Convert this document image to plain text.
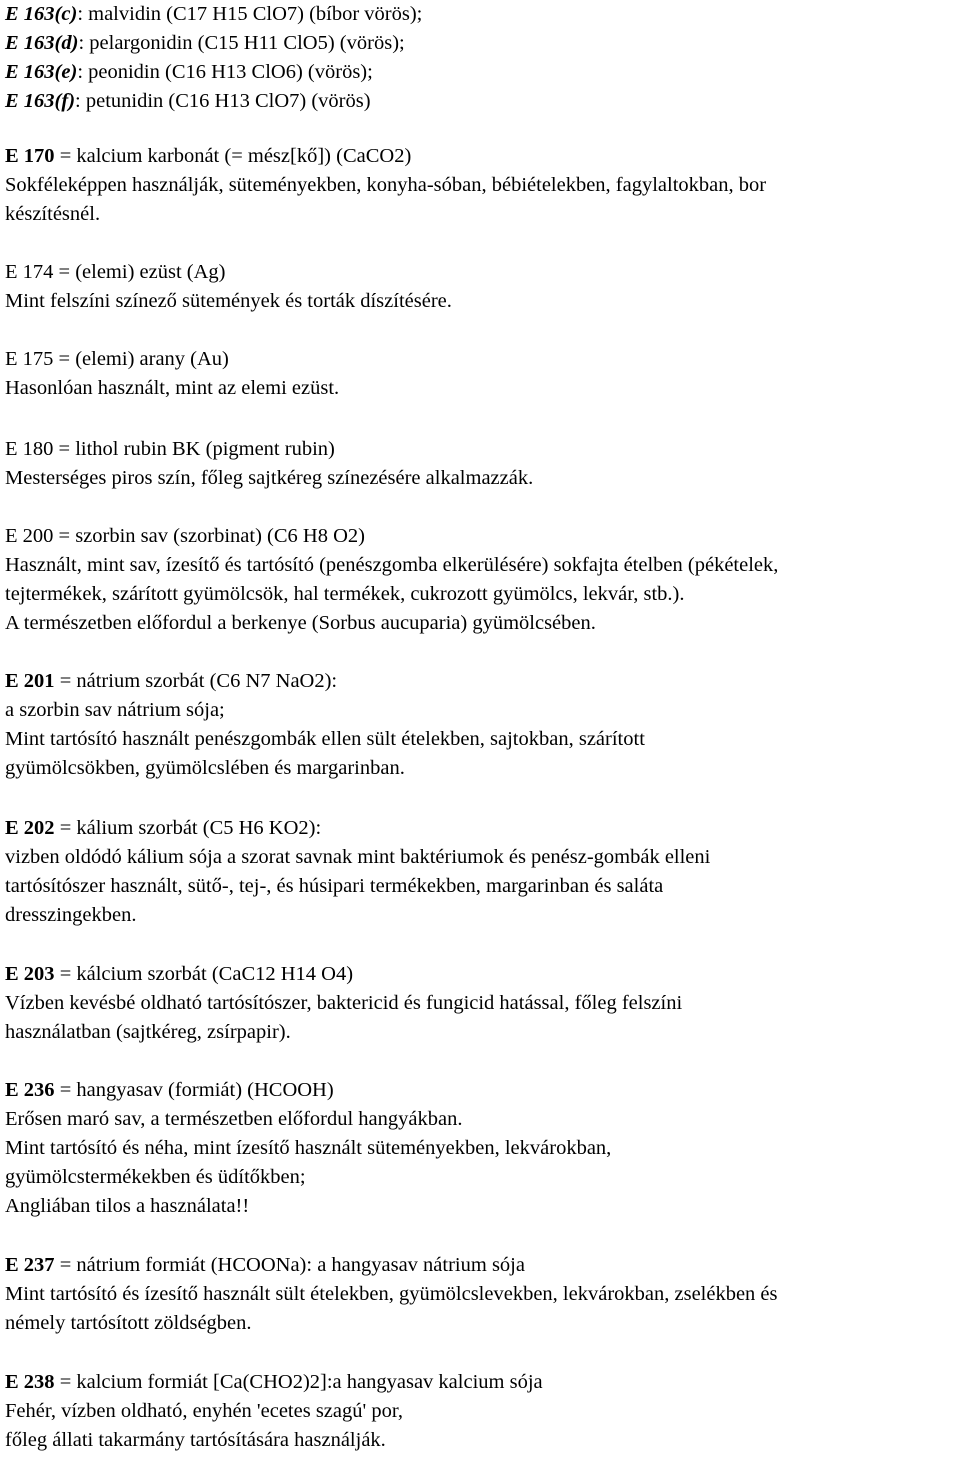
E 163(c): malvidin (C17 H15 ClO7) (bíbor vörös);
E 163(d): pelargonidin (C15 H11 ClO5) (vörös);
E 163(e): peonidin (C16 H13 ClO6) (vörös);
E 163(f): petunidin (C16 H13 ClO7) (vörös)
E 170 = kalcium karbonát (= mész[kő]) (CaCO2)
Sokféleképpen használják, süteményekben, konyha-sóban, bébiételekben, fagylaltokban, bor
készítésnél.
E 174 = (elemi) ezüst (Ag)
Mint felszíni színező sütemények és torták díszítésére.
E 175 = (elemi) arany (Au)
Hasonlóan használt, mint az elemi ezüst.
E 180 = lithol rubin BK (pigment rubin)
Mesterséges piros szín, főleg sajtkéreg színezésére alkalmazzák.
E 200 = szorbin sav (szorbinat) (C6 H8 O2)
Használt, mint sav, ízesítő és tartósító (penészgomba elkerülésére) sokfajta ételben (pékételek,
tejtermékek, szárított gyümölcsök, hal termékek, cukrozott gyümölcs, lekvár, stb.).
A természetben előfordul a berkenye (Sorbus aucuparia) gyümölcsében.
E 201 = nátrium szorbát (C6 N7 NaO2):
a szorbin sav nátrium sója;
Mint tartósító használt penészgombák ellen sült ételekben, sajtokban, szárított
gyümölcsökben, gyümölcslében és margarinban.
E 202 = kálium szorbát (C5 H6 KO2):
vizben oldódó kálium sója a szorat savnak mint baktériumok és penész-gombák elleni
tartósítószer használt, sütő-, tej-, és húsipari termékekben, margarinban és saláta
dresszingekben.
E 203 = kálcium szorbát (CaC12 H14 O4)
Vízben kevésbé oldható tartósítószer, baktericid és fungicid hatással, főleg felszíni
használatban (sajtkéreg, zsírpapir).
E 236 = hangyasav (formiát) (HCOOH)
Erősen maró sav, a természetben előfordul hangyákban.
Mint tartósító és néha, mint ízesítő használt süteményekben, lekvárokban,
gyümölcstermékekben és üdítőkben;
Angliában tilos a használata!!
E 237 = nátrium formiát (HCOONa): a hangyasav nátrium sója
Mint tartósító és ízesítő használt sült ételekben, gyümölcslevekben, lekvárokban, zselékben és
némely tartósított zöldségben.
E 238 = kalcium formiát [Ca(CHO2)2]:a hangyasav kalcium sója
Fehér, vízben oldható, enyhén 'ecetes szagú' por,
főleg állati takarmány tartósítására használják.
